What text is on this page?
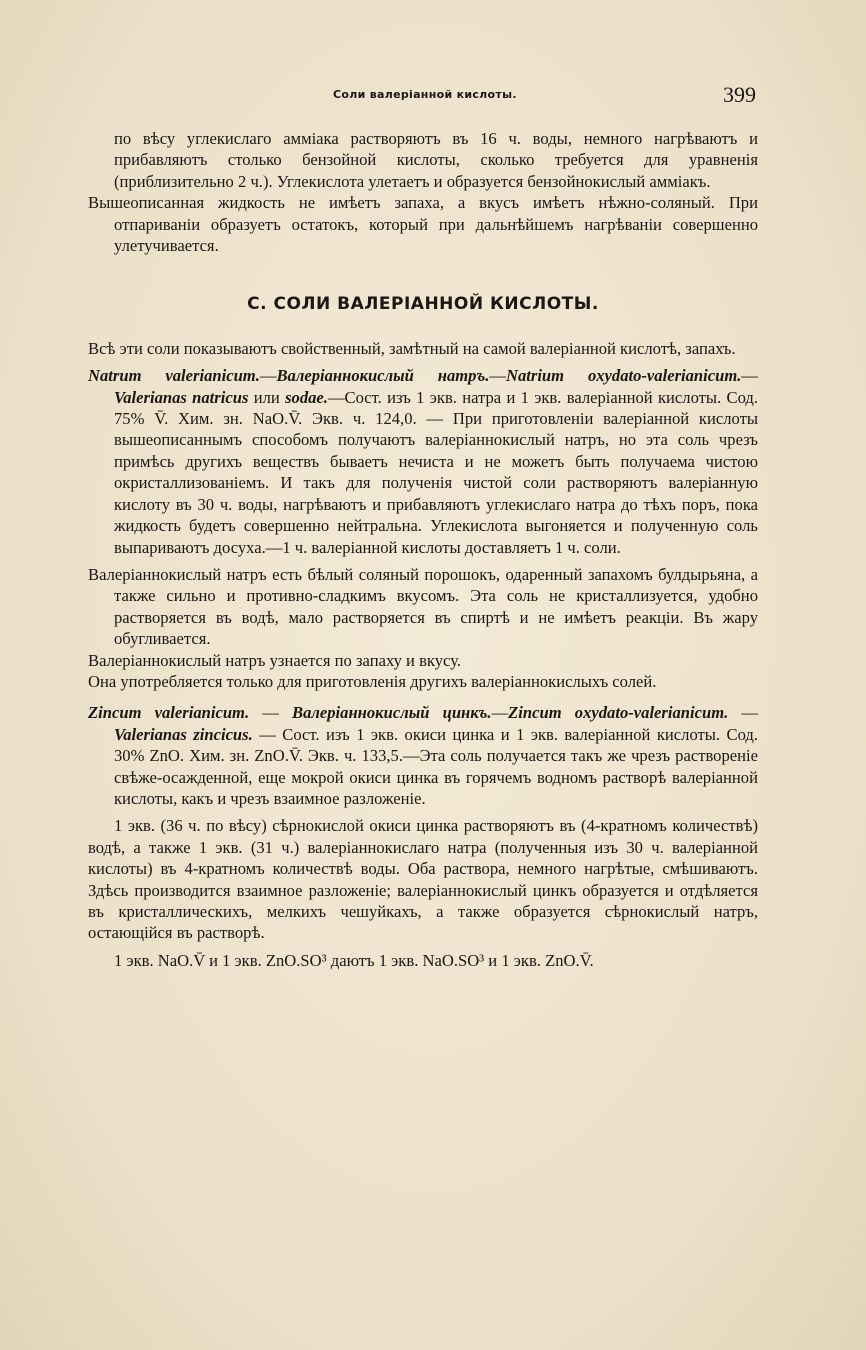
Соли валеріанной кислоты.	399

по вѣсу углекислаго аммiака растворяютъ въ 16 ч. воды, немного нагрѣваютъ и прибавляютъ столько бензойной кислоты, сколько требуется для уравненія (приблизительно 2 ч.). Углекислота улетаетъ и образуется бензойнокислый аммiакъ.

Вышеописанная жидкость не имѣетъ запаха, а вкусъ имѣетъ нѣжно-соляный. При отпариваніи образуетъ остатокъ, который при дальнѣйшемъ нагрѣваніи совершенно улетучивается.

C. СОЛИ ВАЛЕРІАННОЙ КИСЛОТЫ.

Всѣ эти соли показываютъ свойственный, замѣтный на самой валеріанной кислотѣ, запахъ.

Natrum valerianicum.—Валеріаннокислый натръ.—Natrium oxydato-valerianicum.—Valerianas natricus или sodae.—Сост. изъ 1 экв. натра и 1 экв. валеріанной кислоты. Сод. 75% V̄. Хим. зн. NaO.V̄. Экв. ч. 124,0. — При приготовленіи валеріанной кислоты вышеописаннымъ способомъ получаютъ валеріаннокислый натръ, но эта соль чрезъ примѣсь другихъ веществъ бываетъ нечиста и не можетъ быть получаема чистою окристаллизованіемъ. И такъ для полученія чистой соли растворяютъ валеріанную кислоту въ 30 ч. воды, нагрѣваютъ и прибавляютъ углекислаго натра до тѣхъ поръ, пока жидкость будетъ совершенно нейтральна. Углекислота выгоняется и полученную соль выпариваютъ досуха.—1 ч. валеріанной кислоты доставляетъ 1 ч. соли.

Валеріаннокислый натръ есть бѣлый соляный порошокъ, одаренный запахомъ булдырьяна, а также сильно и противно-сладкимъ вкусомъ. Эта соль не кристаллизуется, удобно растворяется въ водѣ, мало растворяется въ спиртѣ и не имѣетъ реакціи. Въ жару обугливается.

Валеріаннокислый натръ узнается по запаху и вкусу.

Она употребляется только для приготовленія другихъ валеріаннокислыхъ солей.

Zincum valerianicum. — Валеріаннокислый цинкъ.—Zincum oxydato-valerianicum. — Valerianas zincicus. — Сост. изъ 1 экв. окиси цинка и 1 экв. валеріанной кислоты. Сод. 30% ZnO. Хим. зн. ZnO.V̄. Экв. ч. 133,5.—Эта соль получается такъ же чрезъ раствореніе свѣже-осажденной, еще мокрой окиси цинка въ горячемъ водномъ растворѣ валеріанной кислоты, какъ и чрезъ взаимное разложеніе.

1 экв. (36 ч. по вѣсу) сѣрнокислой окиси цинка растворяютъ въ (4-кратномъ количествѣ) водѣ, а также 1 экв. (31 ч.) валеріаннокислаго натра (полученныя изъ 30 ч. валеріанной кислоты) въ 4-кратномъ количествѣ воды. Оба раствора, немного нагрѣтые, смѣшиваютъ. Здѣсь производится взаимное разложеніе; валеріаннокислый цинкъ образуется и отдѣляется въ кристаллическихъ, мелкихъ чешуйкахъ, а также образуется сѣрнокислый натръ, остающійся въ растворѣ.

1 экв. NaO.V̄ и 1 экв. ZnO.SO³ даютъ 1 экв. NaO.SO³ и 1 экв. ZnO.V̄.
